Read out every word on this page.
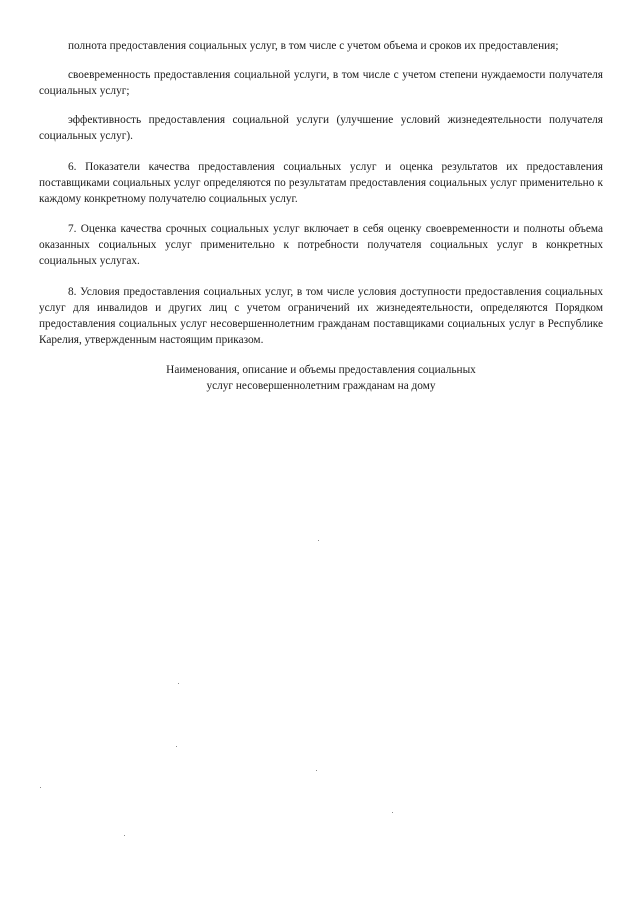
полнота предоставления социальных услуг, в том числе с учетом объема и сроков их предоставления;

своевременность предоставления социальной услуги, в том числе с учетом степени нуждаемости получателя социальных услуг;

эффективность предоставления социальной услуги (улучшение условий жизнедеятельности получателя социальных услуг).

6. Показатели качества предоставления социальных услуг и оценка результатов их предоставления поставщиками социальных услуг определяются по результатам предоставления социальных услуг применительно к каждому конкретному получателю социальных услуг.

7. Оценка качества срочных социальных услуг включает в себя оценку своевременности и полноты объема оказанных социальных услуг применительно к потребности получателя социальных услуг в конкретных социальных услугах.

8. Условия предоставления социальных услуг, в том числе условия доступности предоставления социальных услуг для инвалидов и других лиц с учетом ограничений их жизнедеятельности, определяются Порядком предоставления социальных услуг несовершеннолетним гражданам поставщиками социальных услуг в Республике Карелия, утвержденным настоящим приказом.

Наименования, описание и объемы предоставления социальных
услуг несовершеннолетним гражданам на дому
